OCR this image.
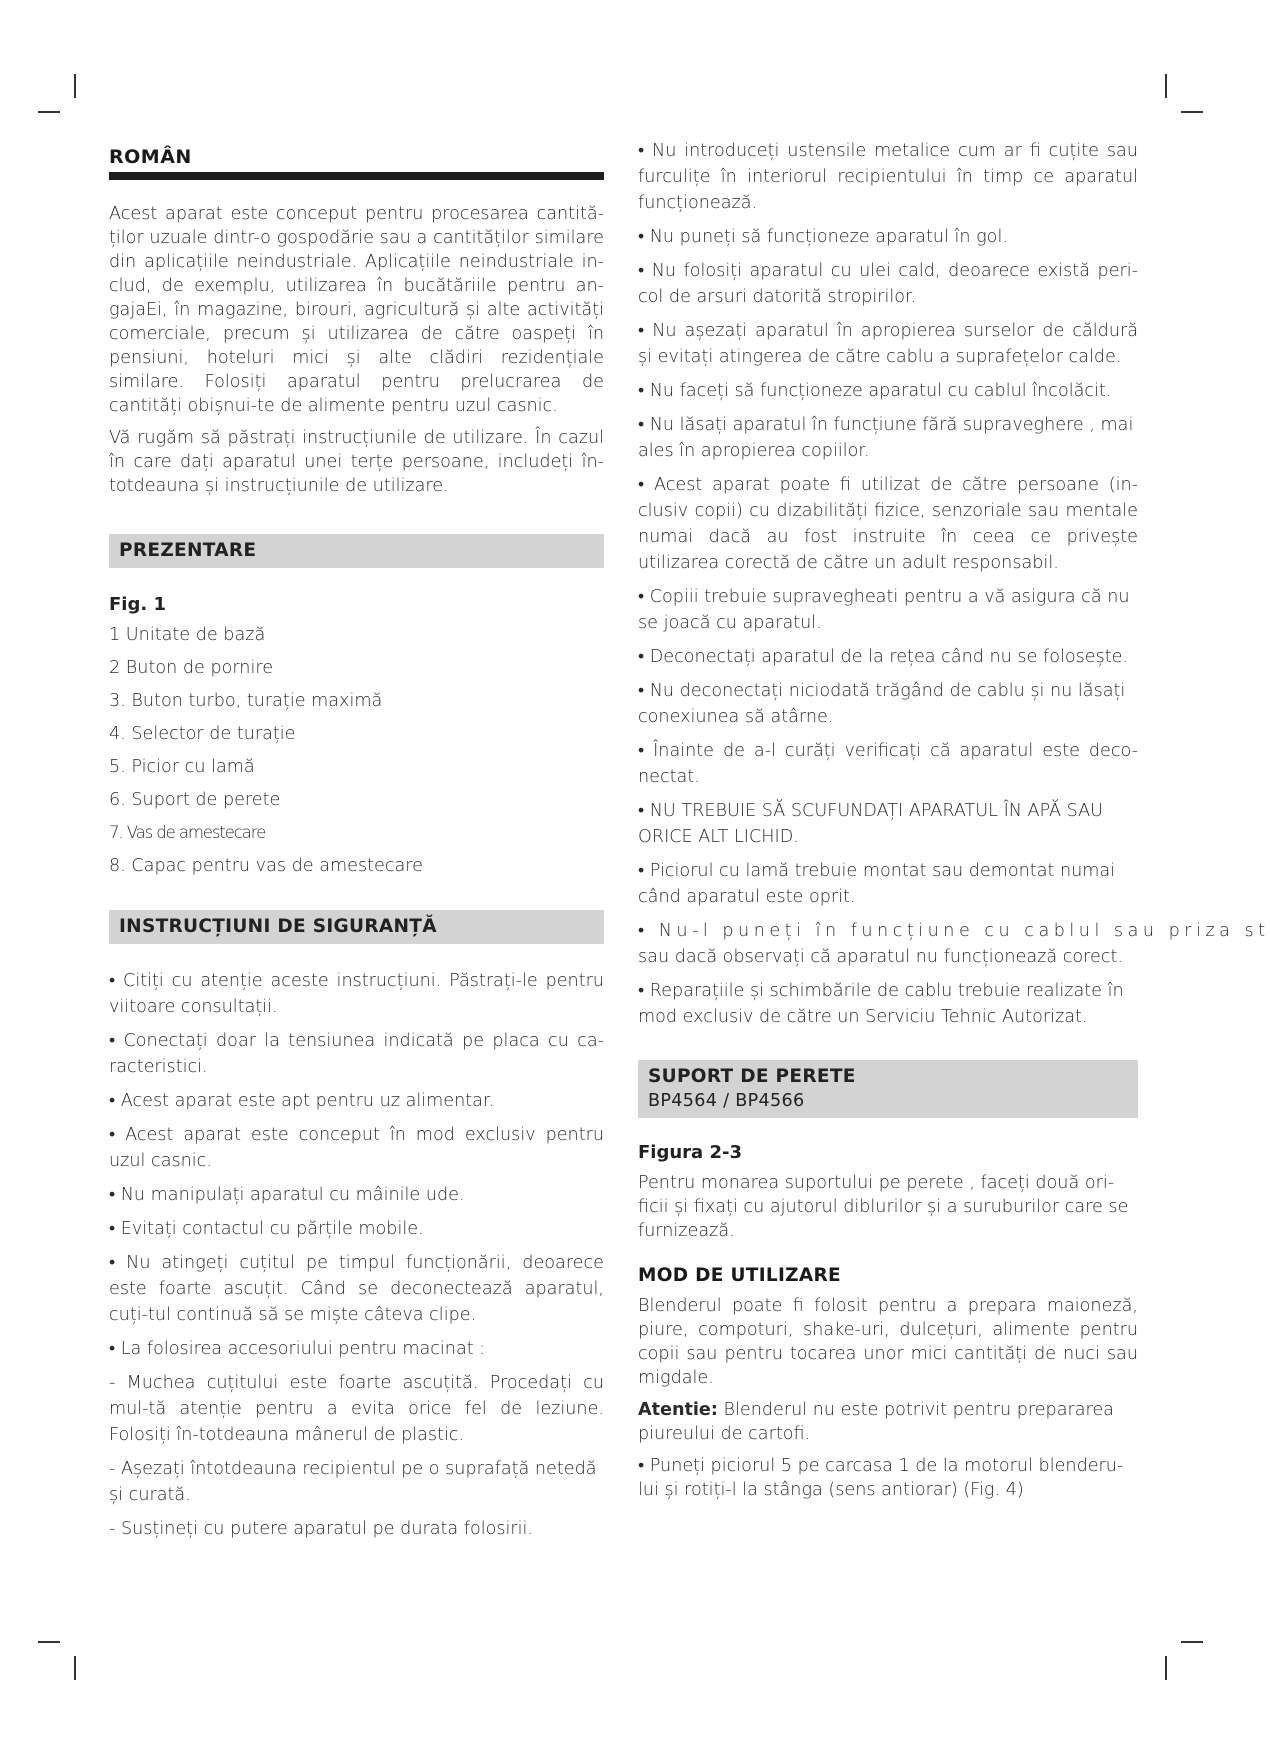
ROMÂN

Acest aparat este conceput pentru procesarea cantită-ților uzuale dintr-o gospodărie sau a cantităților similare din aplicațiile neindustriale. Aplicațiile neindustriale in-clud, de exemplu, utilizarea în bucătăriile pentru an-gajaEi, în magazine, birouri, agricultură și alte activități comerciale, precum și utilizarea de către oaspeți în pensiuni, hoteluri mici și alte clădiri rezidențiale similare. Folosiți aparatul pentru prelucrarea de cantități obișnui-te de alimente pentru uzul casnic.

Vă rugăm să păstrați instrucțiunile de utilizare. În cazul în care dați aparatul unei terțe persoane, includeți în-totdeauna și instrucțiunile de utilizare.

PREZENTARE
Fig. 1
1 Unitate de bază
2 Buton de pornire
3. Buton turbo, turație maximă
4. Selector de turație
5. Picior cu lamă
6. Suport de perete
7. Vas de amestecare
8. Capac pentru vas de amestecare
INSTRUCȚIUNI DE SIGURANȚĂ

• Citiți cu atenție aceste instrucțiuni. Păstrați-le pentru viitoare consultații.

• Conectați doar la tensiunea indicată pe placa cu ca-racteristici.

• Acest aparat este apt pentru uz alimentar.

• Acest aparat este conceput în mod exclusiv pentru uzul casnic.

• Nu manipulați aparatul cu mâinile ude.

• Evitați contactul cu părțile mobile.

• Nu atingeți cuțitul pe timpul funcționării, deoarece este foarte ascuțit. Când se deconectează aparatul, cuți-tul continuă să se miște câteva clipe.

• La folosirea accesoriului pentru macinat :

- Muchea cuțitului este foarte ascuțită. Procedați cu mul-tă atenție pentru a evita orice fel de leziune. Folosiți în-totdeauna mânerul de plastic.

- Așezați întotdeauna recipientul pe o suprafață netedă și curată.

- Susțineți cu putere aparatul pe durata folosirii.

• Nu introduceți ustensile metalice cum ar fi cuțite sau furculițe în interiorul recipientului în timp ce aparatul funcționează.

• Nu puneți să funcționeze aparatul în gol.

• Nu folosiți aparatul cu ulei cald, deoarece există peri-col de arsuri datorită stropirilor.

• Nu așezați aparatul în apropierea surselor de căldură și evitați atingerea de către cablu a suprafețelor calde.

• Nu faceți să funcționeze aparatul cu cablul încolăcit.

• Nu lăsați aparatul în funcțiune fără supraveghere , mai ales în apropierea copiilor.

• Acest aparat poate fi utilizat de către persoane (in-clusiv copii) cu dizabilități fizice, senzoriale sau mentale numai dacă au fost instruite în ceea ce privește utilizarea corectă de către un adult responsabil.

• Copiii trebuie supravegheati pentru a vă asigura că nu se joacă cu aparatul.

• Deconectați aparatul de la rețea când nu se folosește.

• Nu deconectați niciodată trăgând de cablu și nu lăsați conexiunea să atârne.

• Înainte de a-l curăți verificați că aparatul este deco-nectat.

• NU TREBUIE SĂ SCUFUNDAȚI APARATUL ÎN APĂ SAU ORICE ALT LICHID.

• Piciorul cu lamă trebuie montat sau demontat numai când aparatul este oprit.

• Nu-l puneți în funcțiune cu cablul sau priza st

sau dacă observați că aparatul nu funcționează corect.

• Reparațiile și schimbările de cablu trebuie realizate în mod exclusiv de către un Serviciu Tehnic Autorizat.

SUPORT DE PERETE
BP4564 / BP4566
Figura 2-3

Pentru monarea suportului pe perete , faceți două ori-ficii și fixați cu ajutorul diblurilor și a suruburilor care se furnizează.

MOD DE UTILIZARE

Blenderul poate fi folosit pentru a prepara maioneză, piure, compoturi, shake-uri, dulcețuri, alimente pentru copii sau pentru tocarea unor mici cantități de nuci sau migdale.

Atentie: Blenderul nu este potrivit pentru prepararea piureului de cartofi.

• Puneți piciorul 5 pe carcasa 1 de la motorul blenderu-lui și rotiți-l la stânga (sens antiorar) (Fig. 4)
